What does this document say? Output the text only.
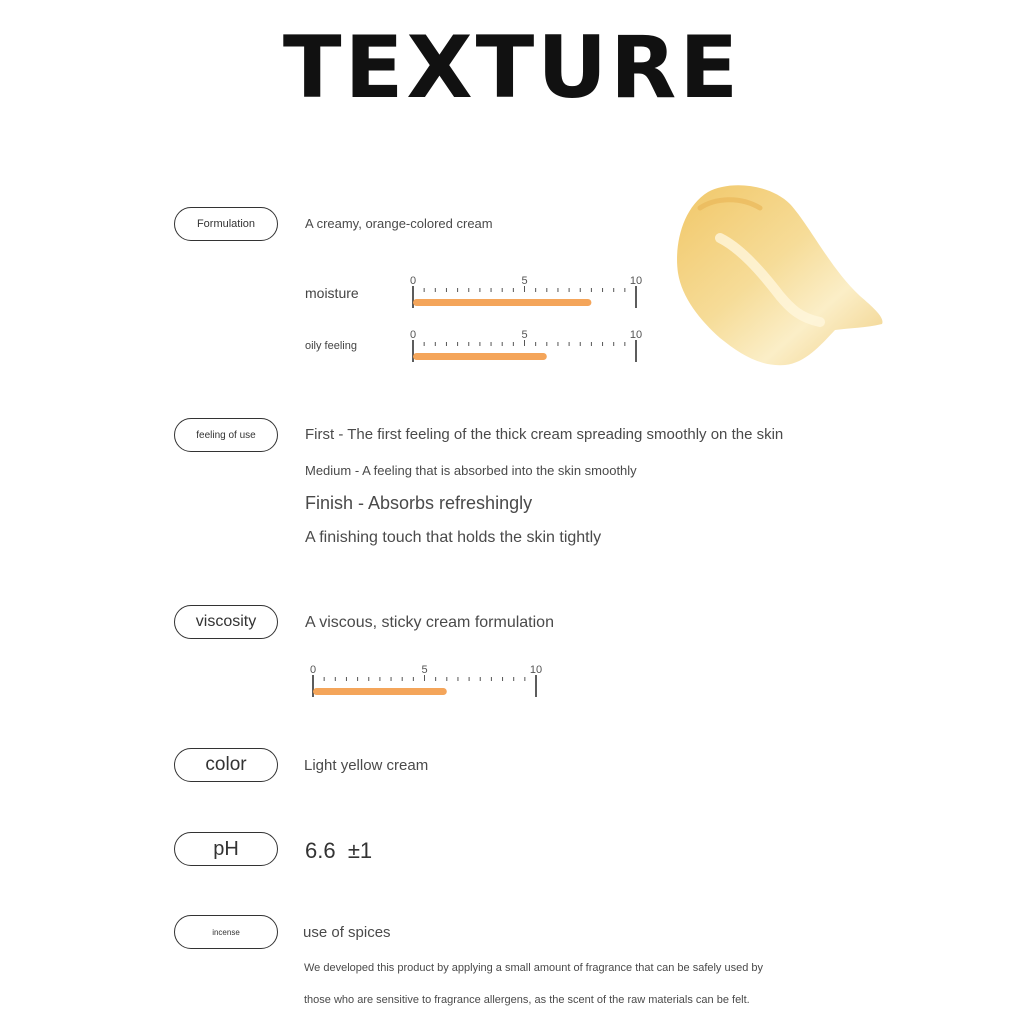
TEXTURE
Formulation	A creamy, orange-colored cream
moisture
0	5	10
oily feeling
0	5	10
feeling of use	First - The first feeling of the thick cream spreading smoothly on the skin
Medium - A feeling that is absorbed into the skin smoothly
Finish - Absorbs refreshingly
A finishing touch that holds the skin tightly
viscosity	A viscous, sticky cream formulation
0	5	10
color	Light yellow cream
pH	6.6 ±1
incense	use of spices
We developed this product by applying a small amount of fragrance that can be safely used by
those who are sensitive to fragrance allergens, as the scent of the raw materials can be felt.
